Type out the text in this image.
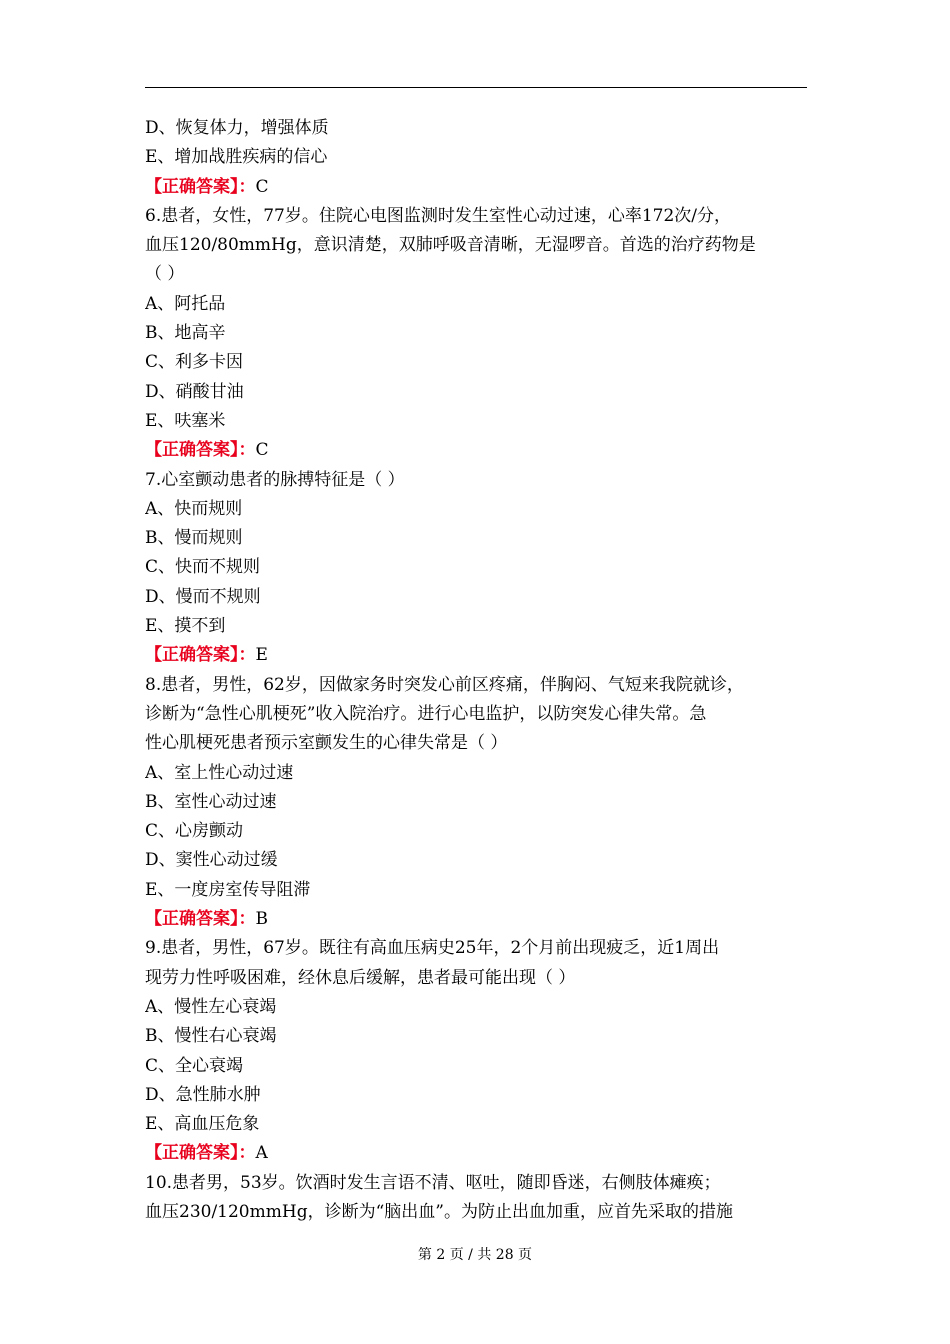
D、恢复体力，增强体质
E、增加战胜疾病的信心
【正确答案】：C
6.患者，女性，77岁。住院心电图监测时发生室性心动过速，心率172次/分，
血压120/80mmHg，意识清楚，双肺呼吸音清晰，无湿啰音。首选的治疗药物是
（ ）
A、阿托品
B、地高辛
C、利多卡因
D、硝酸甘油
E、呋塞米
【正确答案】：C
7.心室颤动患者的脉搏特征是（ ）
A、快而规则
B、慢而规则
C、快而不规则
D、慢而不规则
E、摸不到
【正确答案】：E
8.患者，男性，62岁，因做家务时突发心前区疼痛，伴胸闷、气短来我院就诊，
诊断为“急性心肌梗死”收入院治疗。进行心电监护，以防突发心律失常。急
性心肌梗死患者预示室颤发生的心律失常是（ ）
A、室上性心动过速
B、室性心动过速
C、心房颤动
D、窦性心动过缓
E、一度房室传导阻滞
【正确答案】：B
9.患者，男性，67岁。既往有高血压病史25年，2个月前出现疲乏，近1周出
现劳力性呼吸困难，经休息后缓解，患者最可能出现（ ）
A、慢性左心衰竭
B、慢性右心衰竭
C、全心衰竭
D、急性肺水肿
E、高血压危象
【正确答案】：A
10.患者男，53岁。饮酒时发生言语不清、呕吐，随即昏迷，右侧肢体瘫痪；
血压230/120mmHg，诊断为“脑出血”。为防止出血加重，应首先采取的措施
第 2 页 / 共 28 页
